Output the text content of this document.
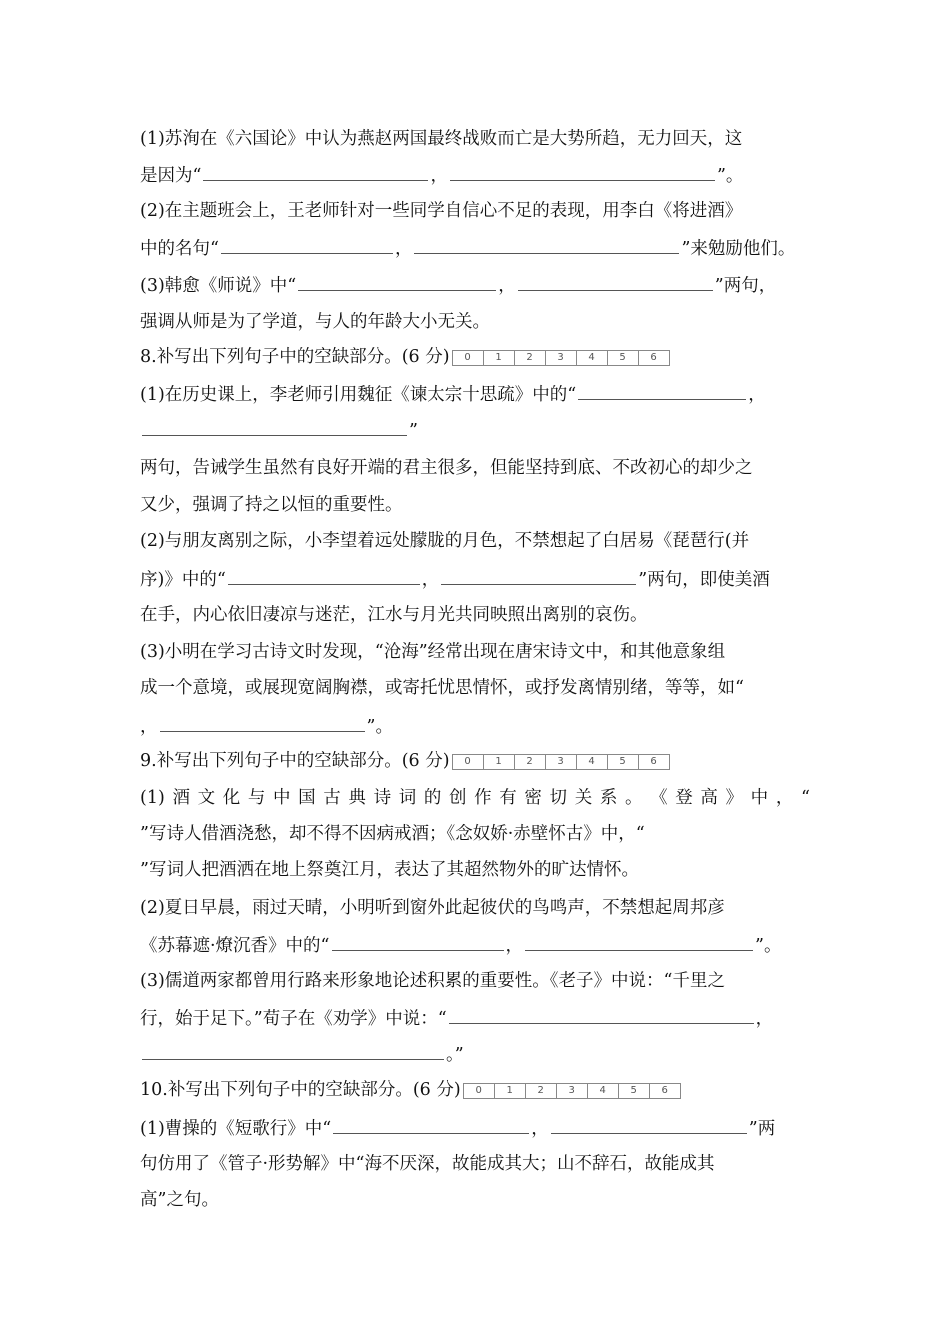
(1)苏洵在《六国论》中认为燕赵两国最终战败而亡是大势所趋，无力回天，这
是因为“	，	”。
(2)在主题班会上，王老师针对一些同学自信心不足的表现，用李白《将进酒》
中的名句“	，	”来勉励他们。
(3)韩愈《师说》中“	，	”两句，
强调从师是为了学道，与人的年龄大小无关。
8.补写出下列句子中的空缺部分。(6 分)	0	1	2	3	4	5	6
(1)在历史课上，李老师引用魏征《谏太宗十思疏》中的“	，
”
两句，告诫学生虽然有良好开端的君主很多，但能坚持到底、不改初心的却少之
又少，强调了持之以恒的重要性。
(2)与朋友离别之际，小李望着远处朦胧的月色，不禁想起了白居易《琵琶行(并
序)》中的“	，	”两句，即使美酒
在手，内心依旧凄凉与迷茫，江水与月光共同映照出离别的哀伤。
(3)小明在学习古诗文时发现，“沧海”经常出现在唐宋诗文中，和其他意象组
成一个意境，或展现宽阔胸襟，或寄托忧思情怀，或抒发离情别绪，等等，如“
，	”。
9.补写出下列句子中的空缺部分。(6 分)	0	1	2	3	4	5	6
(1) 酒 文 化 与 中 国 古 典 诗 词 的 创 作 有 密 切 关 系 。 《 登 高 》 中 ， “
”写诗人借酒浇愁，却不得不因病戒酒；《念奴娇·赤壁怀古》中，“
”写词人把酒洒在地上祭奠江月，表达了其超然物外的旷达情怀。
(2)夏日早晨，雨过天晴，小明听到窗外此起彼伏的鸟鸣声，不禁想起周邦彦
《苏幕遮·燎沉香》中的“	，	”。
(3)儒道两家都曾用行路来形象地论述积累的重要性。《老子》中说：“千里之
行，始于足下。”荀子在《劝学》中说：“	，
。”
10.补写出下列句子中的空缺部分。(6 分)	0	1	2	3	4	5	6
(1)曹操的《短歌行》中“	，	”两
句仿用了《管子·形势解》中“海不厌深，故能成其大；山不辞石，故能成其
高”之句。
